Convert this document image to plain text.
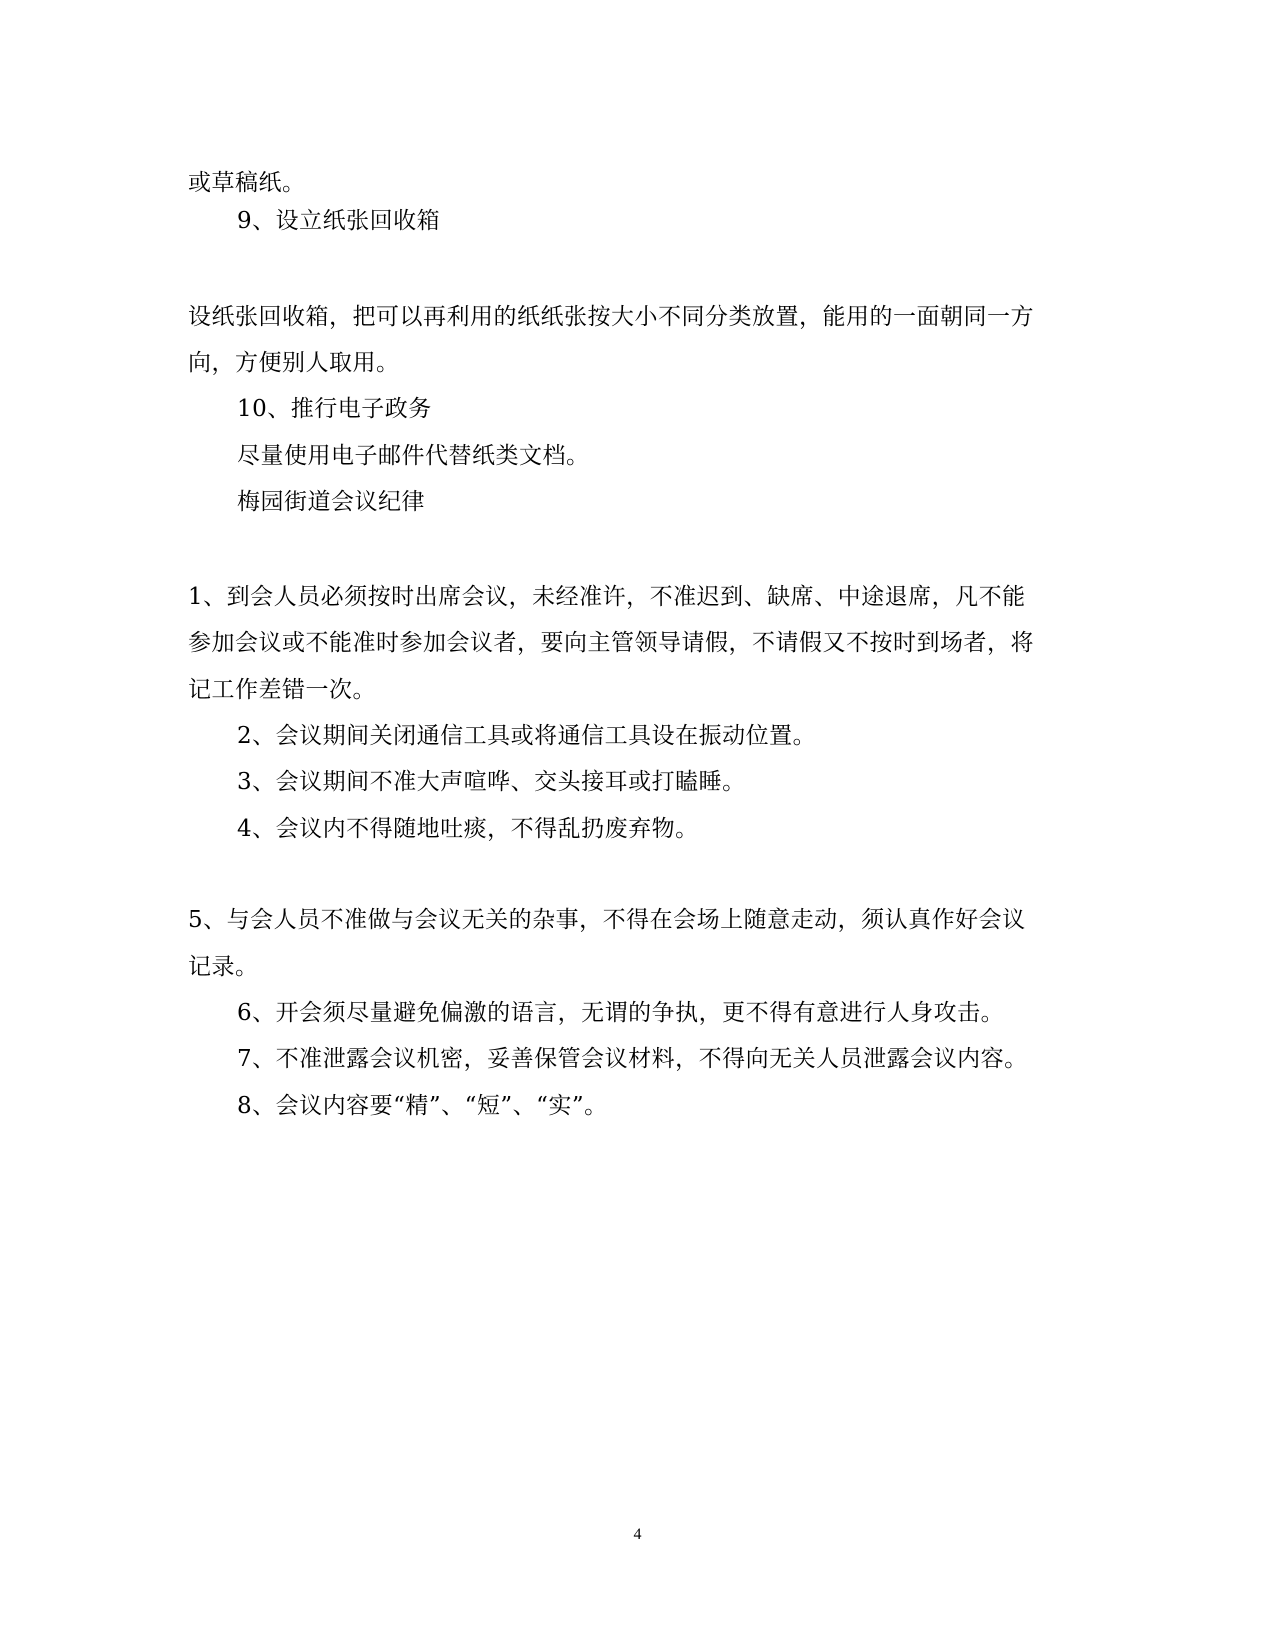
或草稿纸。
9、设立纸张回收箱
设纸张回收箱，把可以再利用的纸纸张按大小不同分类放置，能用的一面朝同一方
向，方便别人取用。
10、推行电子政务
尽量使用电子邮件代替纸类文档。
梅园街道会议纪律
1、到会人员必须按时出席会议，未经准许，不准迟到、缺席、中途退席，凡不能
参加会议或不能准时参加会议者，要向主管领导请假，不请假又不按时到场者，将
记工作差错一次。
2、会议期间关闭通信工具或将通信工具设在振动位置。
3、会议期间不准大声喧哗、交头接耳或打瞌睡。
4、会议内不得随地吐痰，不得乱扔废弃物。
5、与会人员不准做与会议无关的杂事，不得在会场上随意走动，须认真作好会议
记录。
6、开会须尽量避免偏激的语言，无谓的争执，更不得有意进行人身攻击。
7、不准泄露会议机密，妥善保管会议材料，不得向无关人员泄露会议内容。
8、会议内容要“精”、“短”、“实”。
4
